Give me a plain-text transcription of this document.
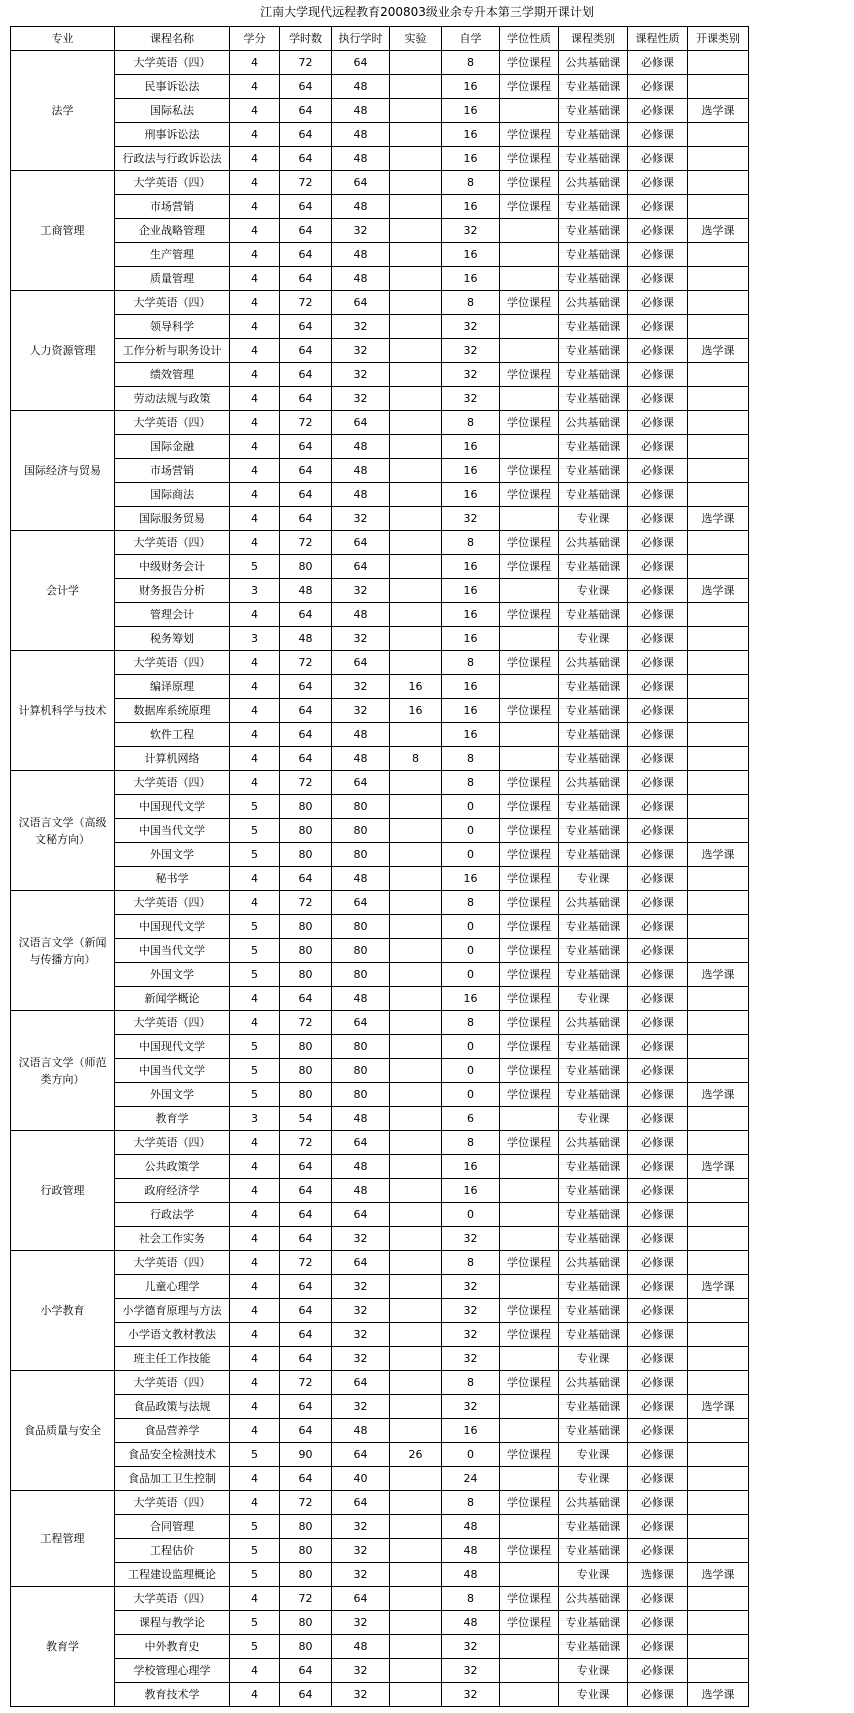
江南大学现代远程教育200803级业余专升本第三学期开课计划
专业	课程名称	学分	学时数	执行学时	实验	自学	学位性质	课程类别	课程性质	开课类别
法学	大学英语（四）	4	72	64		8	学位课程	公共基础课	必修课	
	民事诉讼法	4	64	48		16	学位课程	专业基础课	必修课	
	国际私法	4	64	48		16		专业基础课	必修课	选学课
	刑事诉讼法	4	64	48		16	学位课程	专业基础课	必修课	
	行政法与行政诉讼法	4	64	48		16	学位课程	专业基础课	必修课	
工商管理	大学英语（四）	4	72	64		8	学位课程	公共基础课	必修课	
	市场营销	4	64	48		16	学位课程	专业基础课	必修课	
	企业战略管理	4	64	32		32		专业基础课	必修课	选学课
	生产管理	4	64	48		16		专业基础课	必修课	
	质量管理	4	64	48		16		专业基础课	必修课	
人力资源管理	大学英语（四）	4	72	64		8	学位课程	公共基础课	必修课	
	领导科学	4	64	32		32		专业基础课	必修课	
	工作分析与职务设计	4	64	32		32		专业基础课	必修课	选学课
	绩效管理	4	64	32		32	学位课程	专业基础课	必修课	
	劳动法规与政策	4	64	32		32		专业基础课	必修课	
国际经济与贸易	大学英语（四）	4	72	64		8	学位课程	公共基础课	必修课	
	国际金融	4	64	48		16		专业基础课	必修课	
	市场营销	4	64	48		16	学位课程	专业基础课	必修课	
	国际商法	4	64	48		16	学位课程	专业基础课	必修课	
	国际服务贸易	4	64	32		32		专业课	必修课	选学课
会计学	大学英语（四）	4	72	64		8	学位课程	公共基础课	必修课	
	中级财务会计	5	80	64		16	学位课程	专业基础课	必修课	
	财务报告分析	3	48	32		16		专业课	必修课	选学课
	管理会计	4	64	48		16	学位课程	专业基础课	必修课	
	税务筹划	3	48	32		16		专业课	必修课	
计算机科学与技术	大学英语（四）	4	72	64		8	学位课程	公共基础课	必修课	
	编译原理	4	64	32	16	16		专业基础课	必修课	
	数据库系统原理	4	64	32	16	16	学位课程	专业基础课	必修课	
	软件工程	4	64	48		16		专业基础课	必修课	
	计算机网络	4	64	48	8	8		专业基础课	必修课	
汉语言文学（高级文秘方向）	大学英语（四）	4	72	64		8	学位课程	公共基础课	必修课	
	中国现代文学	5	80	80		0	学位课程	专业基础课	必修课	
	中国当代文学	5	80	80		0	学位课程	专业基础课	必修课	
	外国文学	5	80	80		0	学位课程	专业基础课	必修课	选学课
	秘书学	4	64	48		16	学位课程	专业课	必修课	
汉语言文学（新闻与传播方向）	大学英语（四）	4	72	64		8	学位课程	公共基础课	必修课	
	中国现代文学	5	80	80		0	学位课程	专业基础课	必修课	
	中国当代文学	5	80	80		0	学位课程	专业基础课	必修课	
	外国文学	5	80	80		0	学位课程	专业基础课	必修课	选学课
	新闻学概论	4	64	48		16	学位课程	专业课	必修课	
汉语言文学（师范类方向）	大学英语（四）	4	72	64		8	学位课程	公共基础课	必修课	
	中国现代文学	5	80	80		0	学位课程	专业基础课	必修课	
	中国当代文学	5	80	80		0	学位课程	专业基础课	必修课	
	外国文学	5	80	80		0	学位课程	专业基础课	必修课	选学课
	教育学	3	54	48		6		专业课	必修课	
行政管理	大学英语（四）	4	72	64		8	学位课程	公共基础课	必修课	
	公共政策学	4	64	48		16		专业基础课	必修课	选学课
	政府经济学	4	64	48		16		专业基础课	必修课	
	行政法学	4	64	64		0		专业基础课	必修课	
	社会工作实务	4	64	32		32		专业基础课	必修课	
小学教育	大学英语（四）	4	72	64		8	学位课程	公共基础课	必修课	
	儿童心理学	4	64	32		32		专业基础课	必修课	选学课
	小学德育原理与方法	4	64	32		32	学位课程	专业基础课	必修课	
	小学语文教材教法	4	64	32		32	学位课程	专业基础课	必修课	
	班主任工作技能	4	64	32		32		专业课	必修课	
食品质量与安全	大学英语（四）	4	72	64		8	学位课程	公共基础课	必修课	
	食品政策与法规	4	64	32		32		专业基础课	必修课	选学课
	食品营养学	4	64	48		16		专业基础课	必修课	
	食品安全检测技术	5	90	64	26	0	学位课程	专业课	必修课	
	食品加工卫生控制	4	64	40		24		专业课	必修课	
工程管理	大学英语（四）	4	72	64		8	学位课程	公共基础课	必修课	
	合同管理	5	80	32		48		专业基础课	必修课	
	工程估价	5	80	32		48	学位课程	专业基础课	必修课	
	工程建设监理概论	5	80	32		48		专业课	选修课	选学课
教育学	大学英语（四）	4	72	64		8	学位课程	公共基础课	必修课	
	课程与教学论	5	80	32		48	学位课程	专业基础课	必修课	
	中外教育史	5	80	48		32		专业基础课	必修课	
	学校管理心理学	4	64	32		32		专业课	必修课	
	教育技术学	4	64	32		32		专业课	必修课	选学课
